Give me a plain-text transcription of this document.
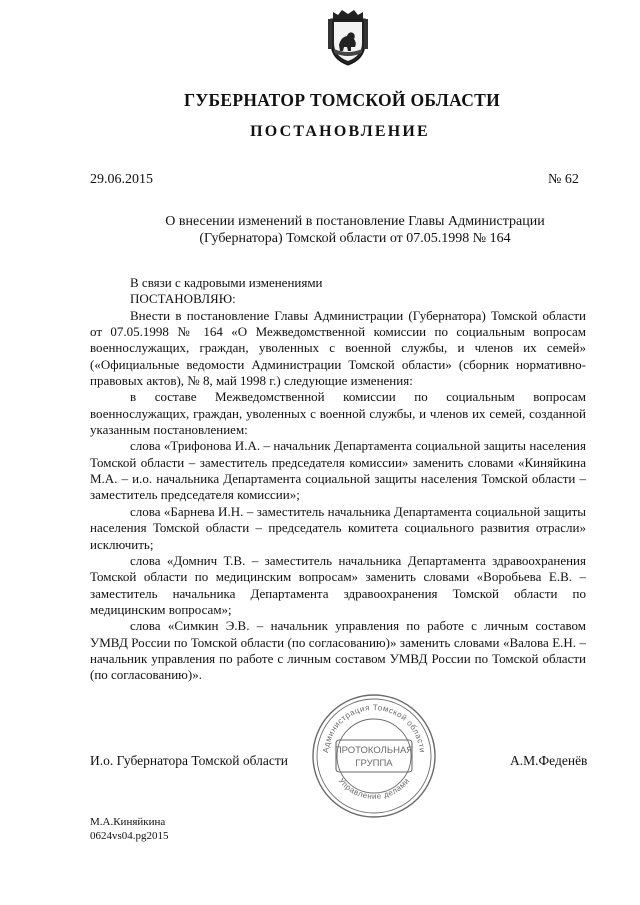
ГУБЕРНАТОР ТОМСКОЙ ОБЛАСТИ
ПОСТАНОВЛЕНИЕ
29.06.2015	№ 62
О внесении изменений в постановление Главы Администрации
(Губернатора) Томской области от 07.05.1998 № 164

В связи с кадровыми изменениями

ПОСТАНОВЛЯЮ:

Внести в постановление Главы Администрации (Губернатора) Томской области от 07.05.1998 № 164 «О Межведомственной комиссии по социальным вопросам военнослужащих, граждан, уволенных с военной службы, и членов их семей» («Официальные ведомости Администрации Томской области» (сборник нормативно-правовых актов), № 8, май 1998 г.) следующие изменения:

в составе Межведомственной комиссии по социальным вопросам военнослужащих, граждан, уволенных с военной службы, и членов их семей, созданной указанным постановлением:

слова «Трифонова И.А. – начальник Департамента социальной защиты населения Томской области – заместитель председателя комиссии» заменить словами «Киняйкина М.А. – и.о. начальника Департамента социальной защиты населения Томской области – заместитель председателя комиссии»;

слова «Барнева И.Н. – заместитель начальника Департамента социальной защиты населения Томской области – председатель комитета социального развития отрасли» исключить;

слова «Домнич Т.В. – заместитель начальника Департамента здравоохранения Томской области по медицинским вопросам» заменить словами «Воробьева Е.В. – заместитель начальника Департамента здравоохранения Томской области по медицинским вопросам»;

слова «Симкин Э.В. – начальник управления по работе с личным составом УМВД России по Томской области (по согласованию)» заменить словами «Валова Е.Н. – начальник управления по работе с личным составом УМВД России по Томской области (по согласованию)».

И.о. Губернатора Томской области	А.М.Феденёв
Администрация Томской области
Управление делами
ПРОТОКОЛЬНАЯ
ГРУППА
М.А.Киняйкина
0624vs04.pg2015
